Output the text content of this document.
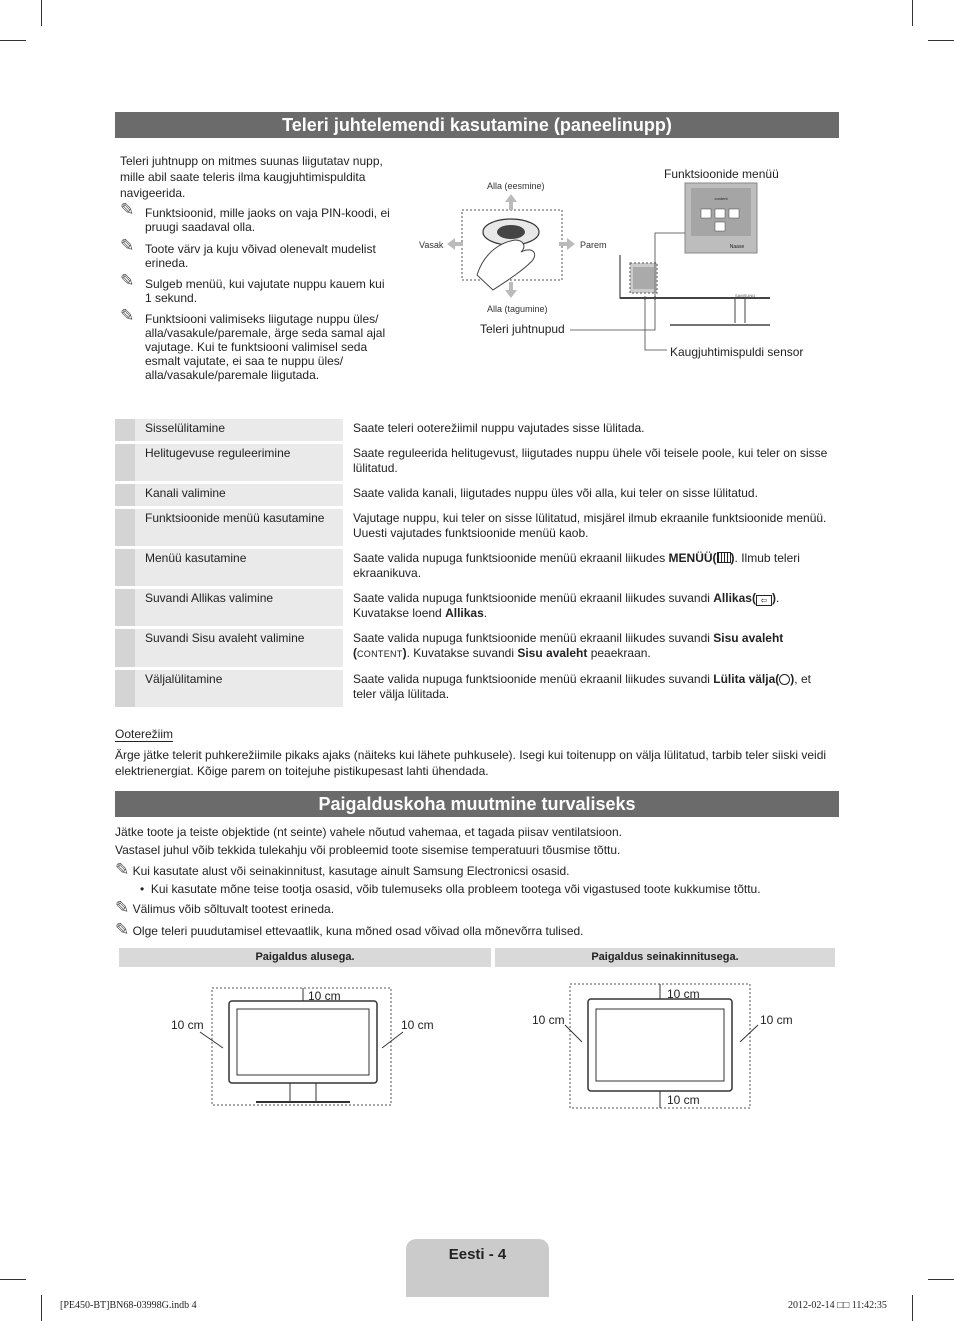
Teleri juhtelemendi kasutamine (paneelinupp)
Teleri juhtnupp on mitmes suunas liigutatav nupp, mille abil saate teleris ilma kaugjuhtimispuldita navigeerida.
✎ Funktsioonid, mille jaoks on vaja PIN-koodi, ei pruugi saadaval olla.
✎ Toote värv ja kuju võivad olenevalt mudelist erineda.
✎ Sulgeb menüü, kui vajutate nuppu kauem kui 1 sekund.
✎ Funktsiooni valimiseks liigutage nuppu üles/ alla/vasakule/paremale, ärge seda samal ajal vajutage. Kui te funktsiooni valimisel seda esmalt vajutate, ei saa te nuppu üles/ alla/vasakule/paremale liigutada.
SAMSUNG
content
Naase
Alla (eesmine)
Alla (tagumine)
Vasak	Parem
Teleri juhtnupud
Funktsioonide menüü
Kaugjuhtimispuldi sensor
	Sisselülitamine	Saate teleri ooterežiimil nuppu vajutades sisse lülitada.
	Helitugevuse reguleerimine	Saate reguleerida helitugevust, liigutades nuppu ühele või teisele poole, kui teler on sisse lülitatud.
	Kanali valimine	Saate valida kanali, liigutades nuppu üles või alla, kui teler on sisse lülitatud.
	Funktsioonide menüü kasutamine	Vajutage nuppu, kui teler on sisse lülitatud, misjärel ilmub ekraanile funktsioonide menüü. Uuesti vajutades funktsioonide menüü kaob.
	Menüü kasutamine	Saate valida nupuga funktsioonide menüü ekraanil liikudes MENÜÜ( ). Ilmub teleri ekraanikuva.
	Suvandi Allikas valimine	Saate valida nupuga funktsioonide menüü ekraanil liikudes suvandi Allikas( ⇦ ). Kuvatakse loend Allikas.
	Suvandi Sisu avaleht valimine	Saate valida nupuga funktsioonide menüü ekraanil liikudes suvandi Sisu avaleht
(CONTENT). Kuvatakse suvandi Sisu avaleht peaekraan.
	Väljalülitamine	Saate valida nupuga funktsioonide menüü ekraanil liikudes suvandi Lülita välja( ), et teler välja lülitada.
Ooterežiim
Ärge jätke telerit puhkerežiimile pikaks ajaks (näiteks kui lähete puhkusele). Isegi kui toitenupp on välja lülitatud, tarbib teler siiski veidi elektrienergiat. Kõige parem on toitejuhe pistikupesast lahti ühendada.
Paigalduskoha muutmine turvaliseks
Jätke toote ja teiste objektide (nt seinte) vahele nõutud vahemaa, et tagada piisav ventilatsioon.
Vastasel juhul võib tekkida tulekahju või probleemid toote sisemise temperatuuri tõusmise tõttu.
✎ Kui kasutate alust või seinakinnitust, kasutage ainult Samsung Electronicsi osasid.
•  Kui kasutate mõne teise tootja osasid, võib tulemuseks olla probleem tootega või vigastused toote kukkumise tõttu.
✎ Välimus võib sõltuvalt tootest erineda.
✎ Olge teleri puudutamisel ettevaatlik, kuna mõned osad võivad olla mõnevõrra tulised.
Paigaldus alusega.	Paigaldus seinakinnitusega.
10 cm
10 cm	10 cm
10 cm
10 cm	10 cm
10 cm
Eesti - 4
[PE450-BT]BN68-03998G.indb 4	2012-02-14 □□ 11:42:35
